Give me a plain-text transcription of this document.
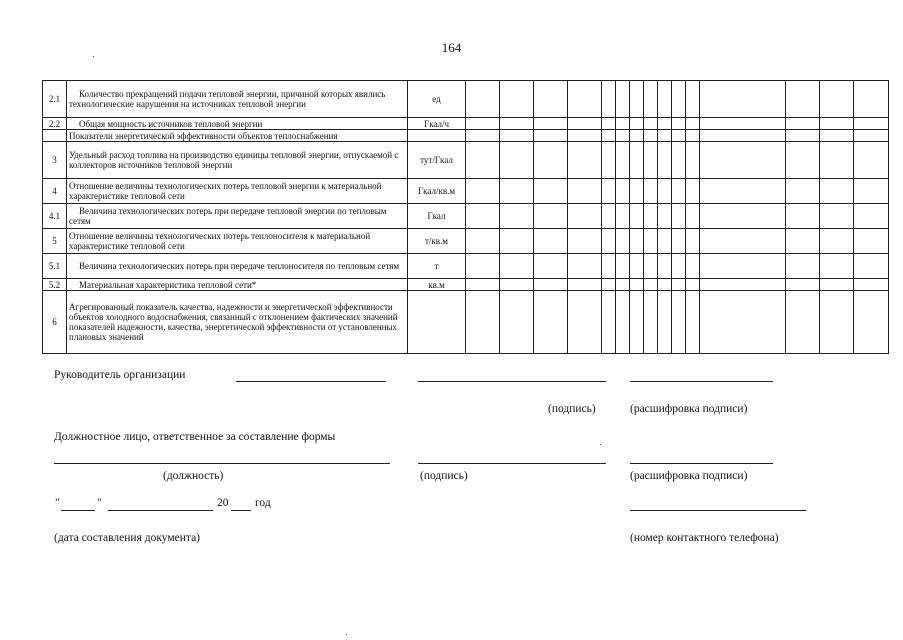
164
2.1	Количество прекращений подачи тепловой энергии, причиной которых явились технологические нарушения на источниках тепловой энергии	ед															
2.2	Общая мощность источников тепловой энергии	Гкал/ч															
	Показатели энергетической эффективности объектов теплоснабжения																
3	Удельный расход топлива на производство единицы тепловой энергии, отпускаемой с коллекторов источников тепловой энергии	тут/Гкал															
4	Отношение величины технологических потерь тепловой энергии к материальной характеристике тепловой сети	Гкал/кв.м															
4.1	Величина технологических потерь при передаче тепловой энергии по тепловым сетям	Гкал															
5	Отношение величины технологических потерь теплоносителя к материальной характеристике тепловой сети	т/кв.м															
5.1	Величина технологических потерь при передаче теплоносителя по тепловым сетям	т															
5.2	Материальная характеристика тепловой сети*	кв.м															
6	Агрегированный показатель качества, надежности и энергетической эффективности объектов холодного водоснабжения, связанный с отклонением фактических значений показателей надежности, качества, энергетической эффективности от установленных плановых значений																
Руководитель организации
(подпись)	(расшифровка подписи)
Должностное лицо, ответственное за составление формы
(должность)	(подпись)	(расшифровка подписи)
"	"	20 год
(дата составления документа)	(номер контактного телефона)
